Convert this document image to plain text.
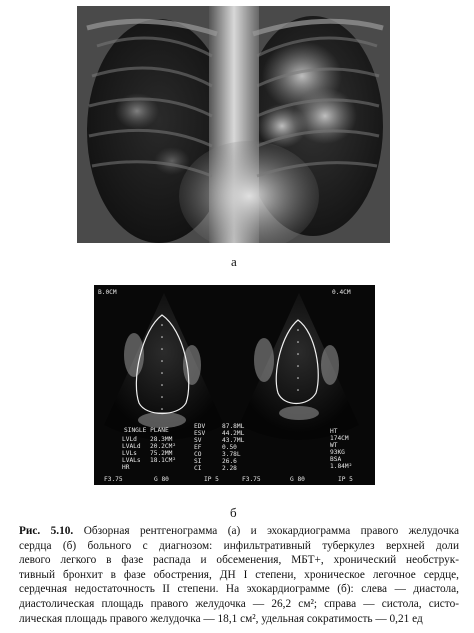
а
B.0CM	0.4CM
SINGLE PLANE
LVLd 28.3MM
LVALd 20.2CM²
LVLs 75.2MM
LVALs 18.1CM²
HR
EDV	87.8ML
ESV	44.2ML
SV	43.7ML
EF	0.50
CO	3.78L
SI	26.6
CI	2.28
HT
174CM
WT
93KG
BSA
1.84M²
F3.75	G 80	IP 5	F3.75	G 80	IP 5
б
Рис. 5.10. Обзорная рентгенограмма (а) и эхокардиограмма правого желудочка
сердца (б) больного с диагнозом: инфильтративный туберкулез верхней доли
левого легкого в фазе распада и обсеменения, МБТ+, хронический необструк-
тивный бронхит в фазе обострения, ДН I степени, хроническое легочное сердце,
сердечная недостаточность II степени. На эхокардиограмме (б): слева — диастола,
диастолическая площадь правого желудочка — 26,2 см²; справа — систола, систо-
лическая площадь правого желудочка — 18,1 см², удельная сократимость — 0,21 ед
